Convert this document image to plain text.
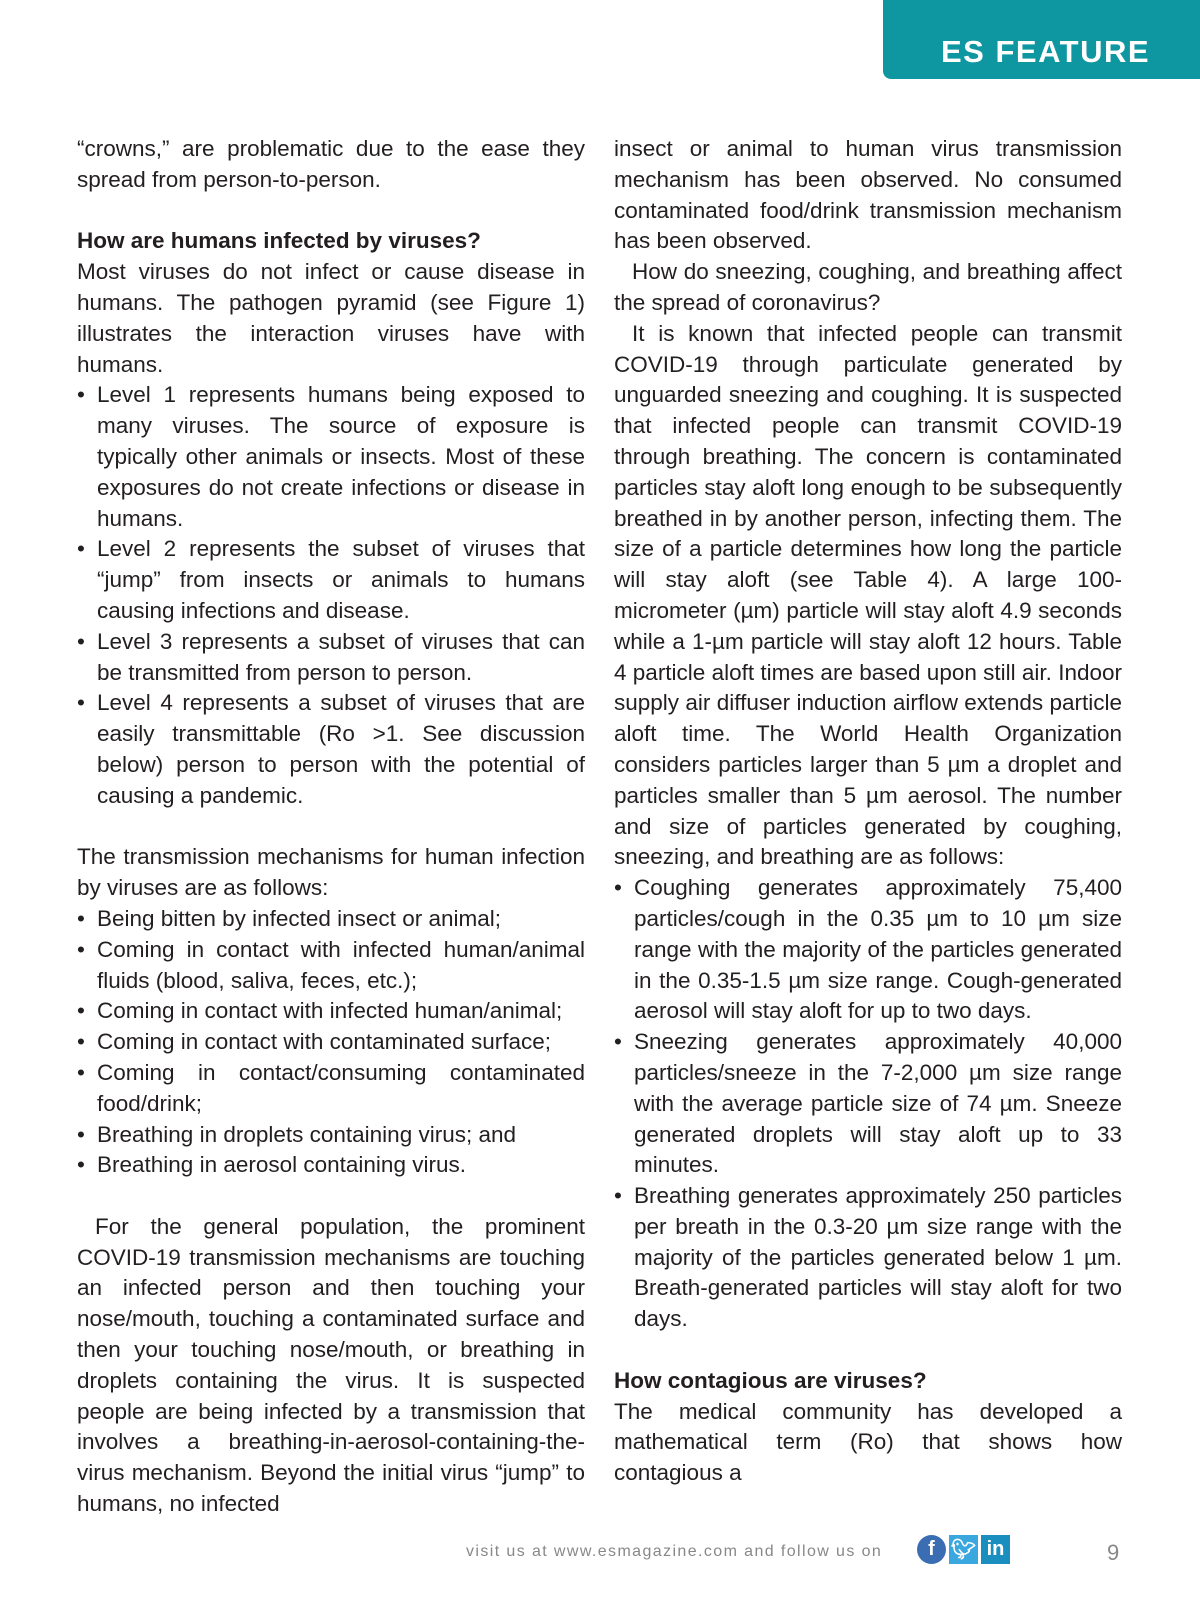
ES FEATURE

“crowns,” are problematic due to the ease they spread from person-to-person.

How are humans infected by viruses?

Most viruses do not infect or cause disease in humans. The pathogen pyramid (see Figure 1) illustrates the interaction viruses have with humans.

• Level 1 represents humans being exposed to many viruses. The source of exposure is typically other animals or insects. Most of these exposures do not create infections or disease in humans.
• Level 2 represents the subset of viruses that “jump” from insects or animals to humans causing infections and disease.
• Level 3 represents a subset of viruses that can be transmitted from person to person.
• Level 4 represents a subset of viruses that are easily transmittable (Ro >1. See discussion below) person to person with the potential of causing a pandemic.

The transmission mechanisms for human infection by viruses are as follows:

• Being bitten by infected insect or animal;
• Coming in contact with infected human/animal fluids (blood, saliva, feces, etc.);
• Coming in contact with infected human/animal;
• Coming in contact with contaminated surface;
• Coming in contact/consuming contaminated food/drink;
• Breathing in droplets containing virus; and
• Breathing in aerosol containing virus.

For the general population, the prominent COVID-19 transmission mechanisms are touching an infected person and then touching your nose/mouth, touching a contaminated surface and then your touching nose/mouth, or breathing in droplets containing the virus. It is suspected people are being infected by a transmission that involves a breathing-in-aerosol-containing-the-virus mechanism. Beyond the initial virus “jump” to humans, no infected

insect or animal to human virus transmission mechanism has been observed. No consumed contaminated food/drink transmission mechanism has been observed.

How do sneezing, coughing, and breathing affect the spread of coronavirus?

It is known that infected people can transmit COVID-19 through particulate generated by unguarded sneezing and coughing. It is suspected that infected people can transmit COVID-19 through breathing. The concern is contaminated particles stay aloft long enough to be subsequently breathed in by another person, infecting them. The size of a particle determines how long the particle will stay aloft (see Table 4). A large 100-micrometer (µm) particle will stay aloft 4.9 seconds while a 1-µm particle will stay aloft 12 hours. Table 4 particle aloft times are based upon still air. Indoor supply air diffuser induction airflow extends particle aloft time. The World Health Organization considers particles larger than 5 µm a droplet and particles smaller than 5 µm aerosol. The number and size of particles generated by coughing, sneezing, and breathing are as follows:

• Coughing generates approximately 75,400 particles/cough in the 0.35 µm to 10 µm size range with the majority of the particles generated in the 0.35-1.5 µm size range. Cough-generated aerosol will stay aloft for up to two days.
• Sneezing generates approximately 40,000 particles/sneeze in the 7-2,000 µm size range with the average particle size of 74 µm. Sneeze generated droplets will stay aloft up to 33 minutes.
• Breathing generates approximately 250 particles per breath in the 0.3-20 µm size range with the majority of the particles generated below 1 µm. Breath-generated particles will stay aloft for two days.
How contagious are viruses?

The medical community has developed a mathematical term (Ro) that shows how contagious a

visit us at www.esmagazine.com and follow us on	f 🐦︎ in	9
